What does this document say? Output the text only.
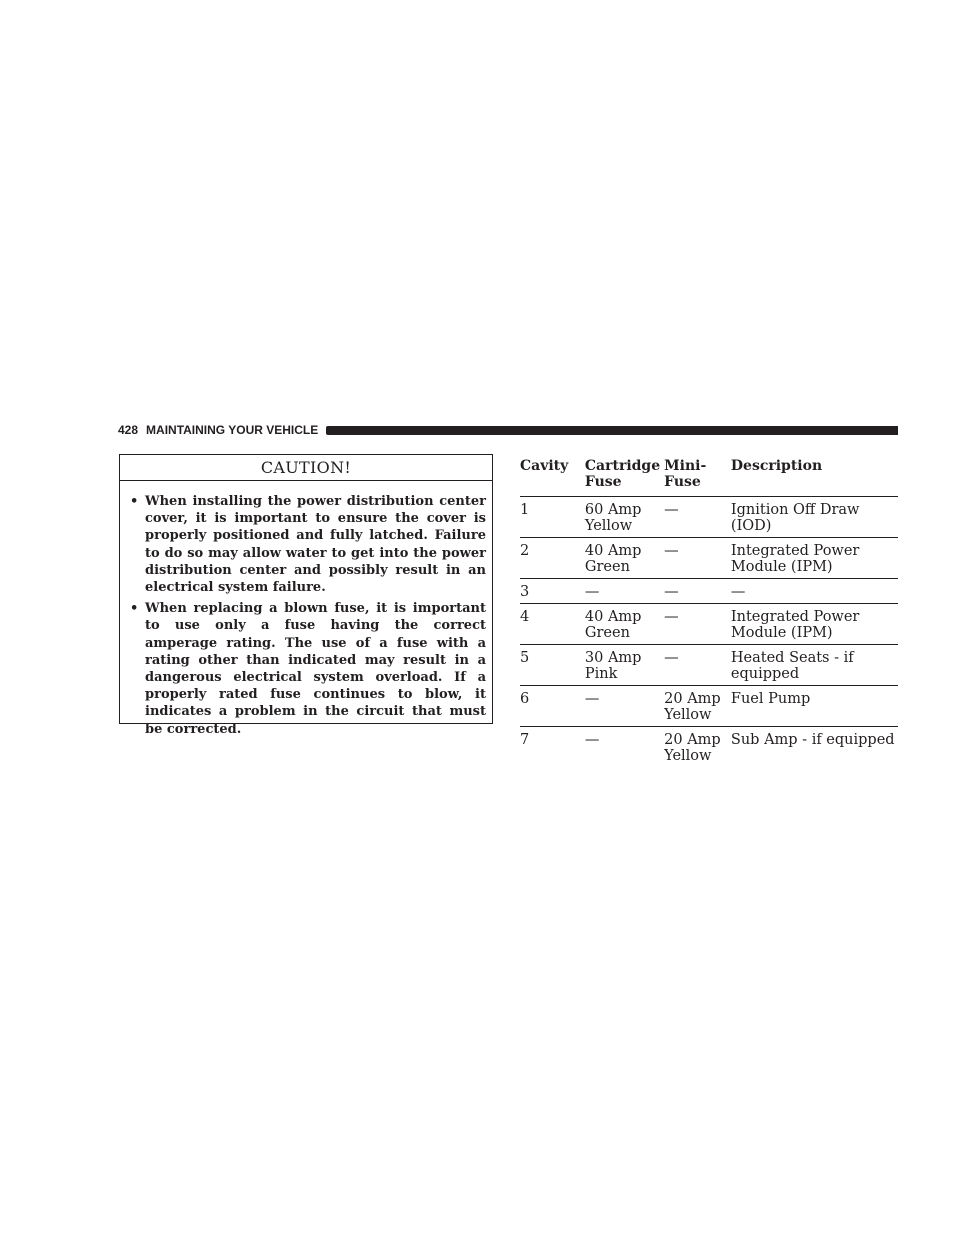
428 MAINTAINING YOUR VEHICLE
CAUTION!
• When installing the power distribution center cover, it is important to ensure the cover is properly positioned and fully latched. Failure to do so may allow water to get into the power distribution center and possibly result in an electrical system failure.
• When replacing a blown fuse, it is important to use only a fuse having the correct amperage rating. The use of a fuse with a rating other than indicated may result in a dangerous electrical system overload. If a properly rated fuse continues to blow, it indicates a problem in the circuit that must be corrected.
Cavity	Cartridge Fuse	Mini-Fuse	Description
1	60 Amp Yellow	—	Ignition Off Draw (IOD)
2	40 Amp Green	—	Integrated Power Module (IPM)
3	—	—	—
4	40 Amp Green	—	Integrated Power Module (IPM)
5	30 Amp Pink	—	Heated Seats - if equipped
6	—	20 Amp Yellow	Fuel Pump
7	—	20 Amp Yellow	Sub Amp - if equipped
